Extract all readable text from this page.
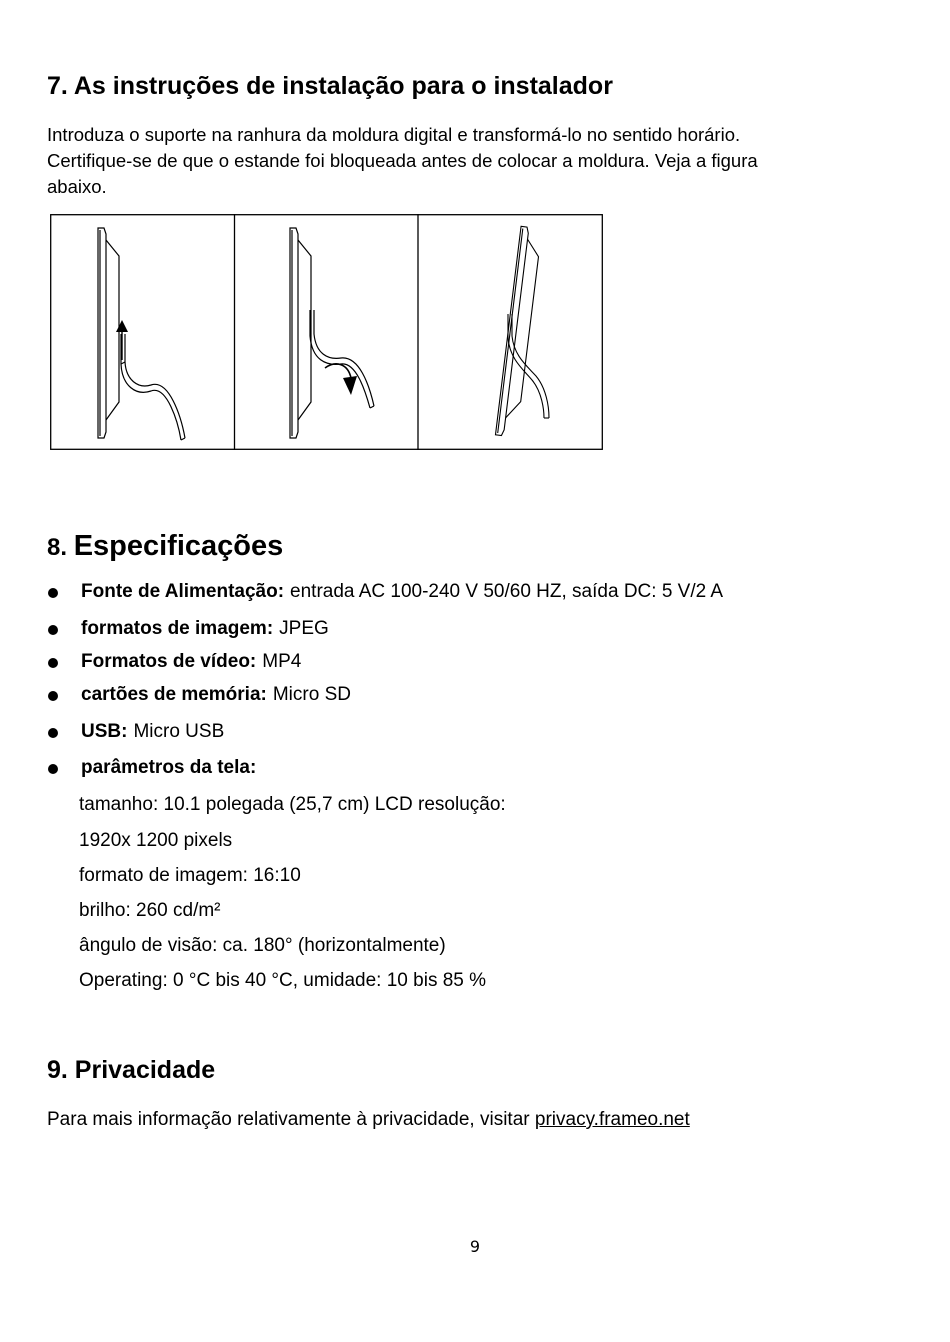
7. As instruções de instalação para o instalador

Introduza o suporte na ranhura da moldura digital e transformá-lo no sentido horário.
Certifique-se de que o estande foi bloqueada antes de colocar a moldura. Veja a figura
abaixo.

8. Especificações
Fonte de Alimentação: entrada AC 100-240 V 50/60 HZ, saída DC: 5 V/2 A
formatos de imagem: JPEG
Formatos de vídeo: MP4
cartões de memória: Micro SD
USB: Micro USB
parâmetros da tela:
tamanho: 10.1 polegada (25,7 cm) LCD resolução:
1920x 1200 pixels
formato de imagem: 16:10
brilho: 260 cd/m²
ângulo de visão: ca. 180° (horizontalmente)
Operating: 0 °C bis 40 °C, umidade: 10 bis 85 %
9. Privacidade
Para mais informação relativamente à privacidade, visitar privacy.frameo.net
9
